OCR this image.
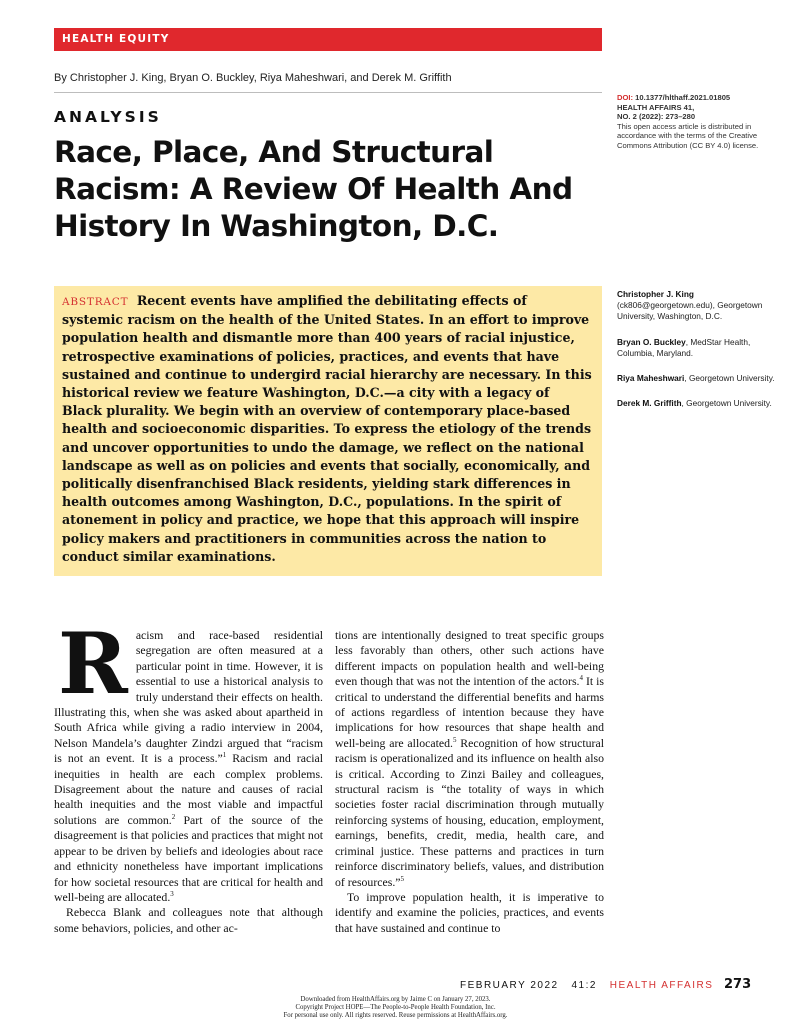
HEALTH EQUITY
By Christopher J. King, Bryan O. Buckley, Riya Maheshwari, and Derek M. Griffith
ANALYSIS
Race, Place, And Structural Racism: A Review Of Health And History In Washington, D.C.
DOI: 10.1377/hlthaff.2021.01805
HEALTH AFFAIRS 41,
NO. 2 (2022): 273–280
This open access article is distributed in accordance with the terms of the Creative Commons Attribution (CC BY 4.0) license.
ABSTRACT Recent events have amplified the debilitating effects of systemic racism on the health of the United States. In an effort to improve population health and dismantle more than 400 years of racial injustice, retrospective examinations of policies, practices, and events that have sustained and continue to undergird racial hierarchy are necessary. In this historical review we feature Washington, D.C.—a city with a legacy of Black plurality. We begin with an overview of contemporary place-based health and socioeconomic disparities. To express the etiology of the trends and uncover opportunities to undo the damage, we reflect on the national landscape as well as on policies and events that socially, economically, and politically disenfranchised Black residents, yielding stark differences in health outcomes among Washington, D.C., populations. In the spirit of atonement in policy and practice, we hope that this approach will inspire policy makers and practitioners in communities across the nation to conduct similar examinations.
Christopher J. King
(ck806@georgetown.edu), Georgetown University, Washington, D.C.
Bryan O. Buckley, MedStar Health, Columbia, Maryland.
Riya Maheshwari, Georgetown University.
Derek M. Griffith, Georgetown University.

Racism and race-based residential segregation are often measured at a particular point in time. However, it is essential to use a historical analysis to truly understand their effects on health. Illustrating this, when she was asked about apartheid in South Africa while giving a radio interview in 2004, Nelson Mandela’s daughter Zindzi argued that “racism is not an event. It is a process.”$^1$ Racism and racial inequities in health are each complex problems. Disagreement about the nature and causes of racial health inequities and the most viable and impactful solutions are common.$^2$ Part of the source of the disagreement is that policies and practices that might not appear to be driven by beliefs and ideologies about race and ethnicity nonetheless have important implications for how societal resources that are critical for health and well-being are allocated.$^3$

Rebecca Blank and colleagues note that although some behaviors, policies, and other ac-

tions are intentionally designed to treat specific groups less favorably than others, other such actions have different impacts on population health and well-being even though that was not the intention of the actors.$^4$ It is critical to understand the differential benefits and harms of actions regardless of intention because they have implications for how resources that shape health and well-being are allocated.$^5$ Recognition of how structural racism is operationalized and its influence on health also is critical. According to Zinzi Bailey and colleagues, structural racism is “the totality of ways in which societies foster racial discrimination through mutually reinforcing systems of housing, education, employment, earnings, benefits, credit, media, health care, and criminal justice. These patterns and practices in turn reinforce discriminatory beliefs, values, and distribution of resources.”$^5$

To improve population health, it is imperative to identify and examine the policies, practices, and events that have sustained and continue to

FEBRUARY 2022 41:2 HEALTH AFFAIRS 273
Downloaded from HealthAffairs.org by Jaime C on January 27, 2023.
Copyright Project HOPE—The People-to-People Health Foundation, Inc.
For personal use only. All rights reserved. Reuse permissions at HealthAffairs.org.
